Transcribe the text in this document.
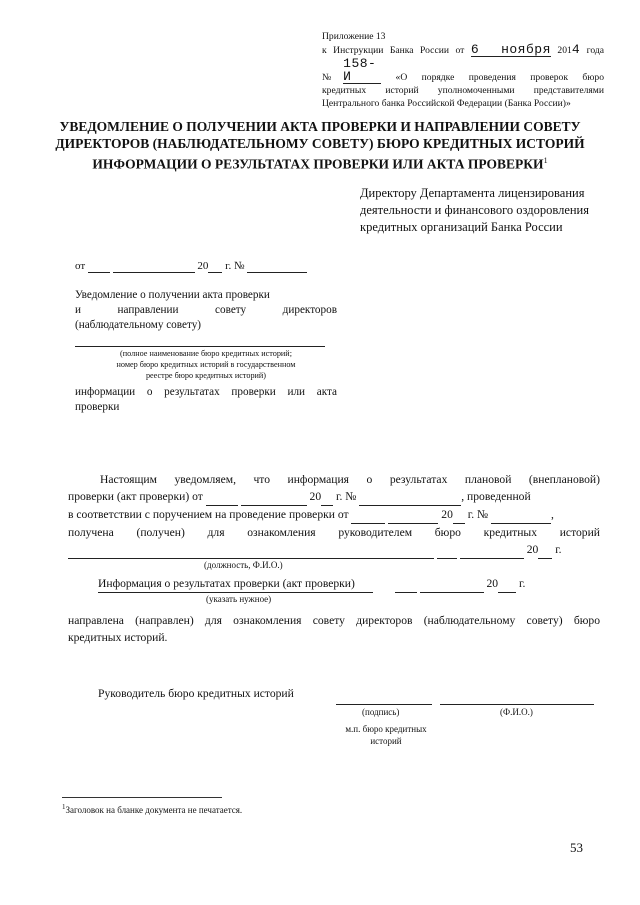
Приложение 13
к Инструкции Банка России от 6 ноября 2014 года
№158-И	«О порядке проведения проверок бюро
кредитных историй уполномоченными представителями
Центрального банка Российской Федерации (Банка России)»
УВЕДОМЛЕНИЕ О ПОЛУЧЕНИИ АКТА ПРОВЕРКИ И НАПРАВЛЕНИИ СОВЕТУ
ДИРЕКТОРОВ (НАБЛЮДАТЕЛЬНОМУ СОВЕТУ) БЮРО КРЕДИТНЫХ ИСТОРИЙ
ИНФОРМАЦИИ О РЕЗУЛЬТАТАХ ПРОВЕРКИ ИЛИ АКТА ПРОВЕРКИ$^1$
Директору Департамента лицензирования
деятельности и финансового оздоровления
кредитных организаций Банка России
от	20 г. №
Уведомление о получении акта проверки
и направлении совету директоров
(наблюдательному совету)
(полное наименование бюро кредитных историй;
номер бюро кредитных историй в государственном
реестре бюро кредитных историй)
информации о результатах проверки или акта
проверки
Настоящим уведомляем, что информация о результатах плановой (внеплановой)
проверки (акт проверки) от	20 г. №	, проведенной
в соответствии с поручением на проведение проверки от	20 г. №	,
получена (получен) для ознакомления руководителем бюро кредитных историй
20 г.
(должность, Ф.И.О.)
Информация о результатах проверки (акт проверки)	20 г.
(указать нужное)
направлена (направлен) для ознакомления совету директоров (наблюдательному совету) бюро
кредитных историй.
Руководитель бюро кредитных историй
(подпись)	(Ф.И.О.)
м.п. бюро кредитных
историй
$^1$Заголовок на бланке документа не печатается.
53
